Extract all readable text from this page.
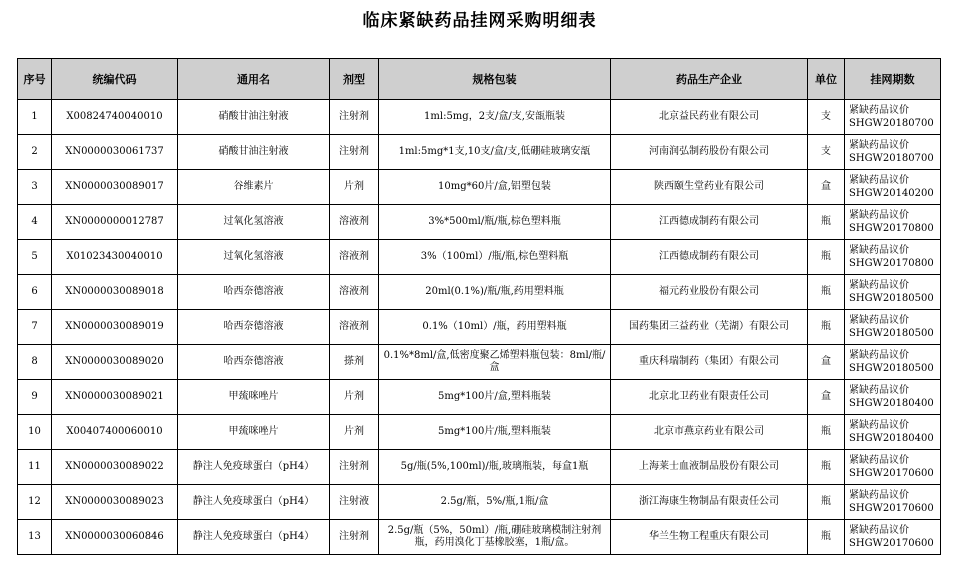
临床紧缺药品挂网采购明细表
序号	统编代码	通用名	剂型	规格包装	药品生产企业	单位	挂网期数
1	X00824740040010	硝酸甘油注射液	注射剂	1ml:5mg，2支/盒/支,安瓿瓶装	北京益民药业有限公司	支	紧缺药品议价
SHGW20180700

2	XN0000030061737	硝酸甘油注射液	注射剂	1ml:5mg*1支,10支/盒/支,低硼硅玻璃安瓿	河南润弘制药股份有限公司	支	紧缺药品议价
SHGW20180700

3	XN0000030089017	谷维素片	片剂	10mg*60片/盒,铝塑包装	陕西颐生堂药业有限公司	盒	紧缺药品议价
SHGW20140200

4	XN0000000012787	过氧化氢溶液	溶液剂	3%*500ml/瓶/瓶,棕色塑料瓶	江西德成制药有限公司	瓶	紧缺药品议价
SHGW20170800

5	X01023430040010	过氧化氢溶液	溶液剂	3%（100ml）/瓶/瓶,棕色塑料瓶	江西德成制药有限公司	瓶	紧缺药品议价
SHGW20170800

6	XN0000030089018	哈西奈德溶液	溶液剂	20ml(0.1%)/瓶/瓶,药用塑料瓶	福元药业股份有限公司	瓶	紧缺药品议价
SHGW20180500

7	XN0000030089019	哈西奈德溶液	溶液剂	0.1%（10ml）/瓶，药用塑料瓶	国药集团三益药业（芜湖）有限公司	瓶	紧缺药品议价
SHGW20180500

8	XN0000030089020	哈西奈德溶液	搽剂	0.1%*8ml/盒,低密度聚乙烯塑料瓶包装：8ml/瓶/盒	重庆科瑞制药（集团）有限公司	盒	紧缺药品议价
SHGW20180500

9	XN0000030089021	甲巯咪唑片	片剂	5mg*100片/盒,塑料瓶装	北京北卫药业有限责任公司	盒	紧缺药品议价
SHGW20180400

10	X00407400060010	甲巯咪唑片	片剂	5mg*100片/瓶,塑料瓶装	北京市燕京药业有限公司	瓶	紧缺药品议价
SHGW20180400

11	XN0000030089022	静注人免疫球蛋白（pH4）	注射剂	5g/瓶(5%,100ml)/瓶,玻璃瓶装，每盒1瓶	上海莱士血液制品股份有限公司	瓶	紧缺药品议价
SHGW20170600

12	XN0000030089023	静注人免疫球蛋白（pH4）	注射液	2.5g/瓶，5%/瓶,1瓶/盒	浙江海康生物制品有限责任公司	瓶	紧缺药品议价
SHGW20170600

13	XN0000030060846	静注人免疫球蛋白（pH4）	注射剂	2.5g/瓶（5%，50ml）/瓶,硼硅玻璃模制注射剂瓶，药用溴化丁基橡胶塞，1瓶/盒。	华兰生物工程重庆有限公司	瓶	紧缺药品议价
SHGW20170600
